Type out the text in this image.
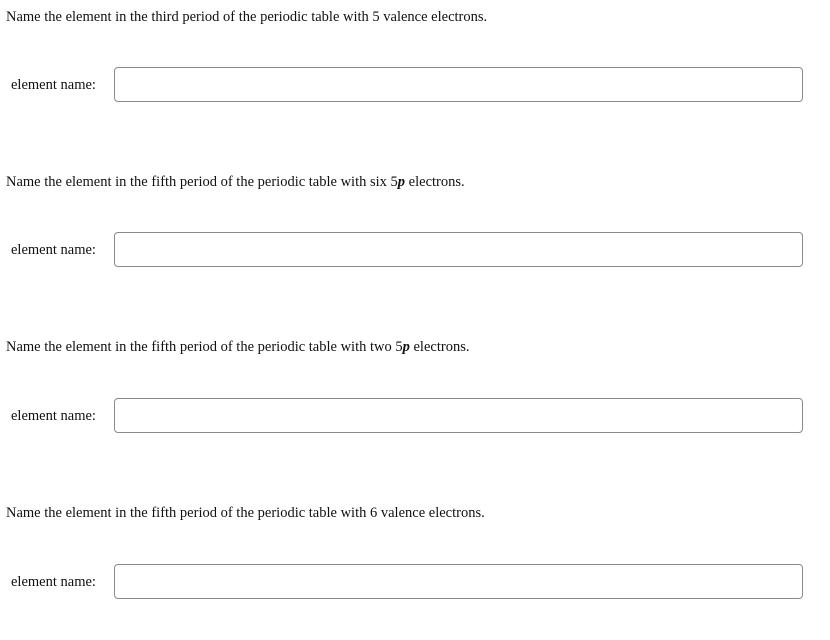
Name the element in the third period of the periodic table with 5 valence electrons.
element name:
Name the element in the fifth period of the periodic table with six 5p electrons.
element name:
Name the element in the fifth period of the periodic table with two 5p electrons.
element name:
Name the element in the fifth period of the periodic table with 6 valence electrons.
element name:
